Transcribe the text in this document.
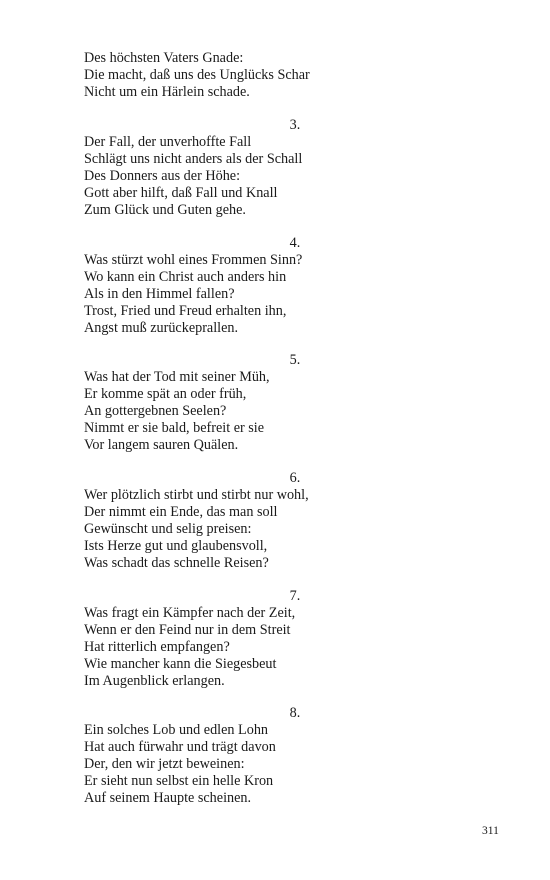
Des höchsten Vaters Gnade:
Die macht, daß uns des Unglücks Schar
Nicht um ein Härlein schade.
3.
Der Fall, der unverhoffte Fall
Schlägt uns nicht anders als der Schall
Des Donners aus der Höhe:
Gott aber hilft, daß Fall und Knall
Zum Glück und Guten gehe.
4.
Was stürzt wohl eines Frommen Sinn?
Wo kann ein Christ auch anders hin
Als in den Himmel fallen?
Trost, Fried und Freud erhalten ihn,
Angst muß zurückeprallen.
5.
Was hat der Tod mit seiner Müh,
Er komme spät an oder früh,
An gottergebnen Seelen?
Nimmt er sie bald, befreit er sie
Vor langem sauren Quälen.
6.
Wer plötzlich stirbt und stirbt nur wohl,
Der nimmt ein Ende, das man soll
Gewünscht und selig preisen:
Ists Herze gut und glaubensvoll,
Was schadt das schnelle Reisen?
7.
Was fragt ein Kämpfer nach der Zeit,
Wenn er den Feind nur in dem Streit
Hat ritterlich empfangen?
Wie mancher kann die Siegesbeut
Im Augenblick erlangen.
8.
Ein solches Lob und edlen Lohn
Hat auch fürwahr und trägt davon
Der, den wir jetzt beweinen:
Er sieht nun selbst ein helle Kron
Auf seinem Haupte scheinen.
311
